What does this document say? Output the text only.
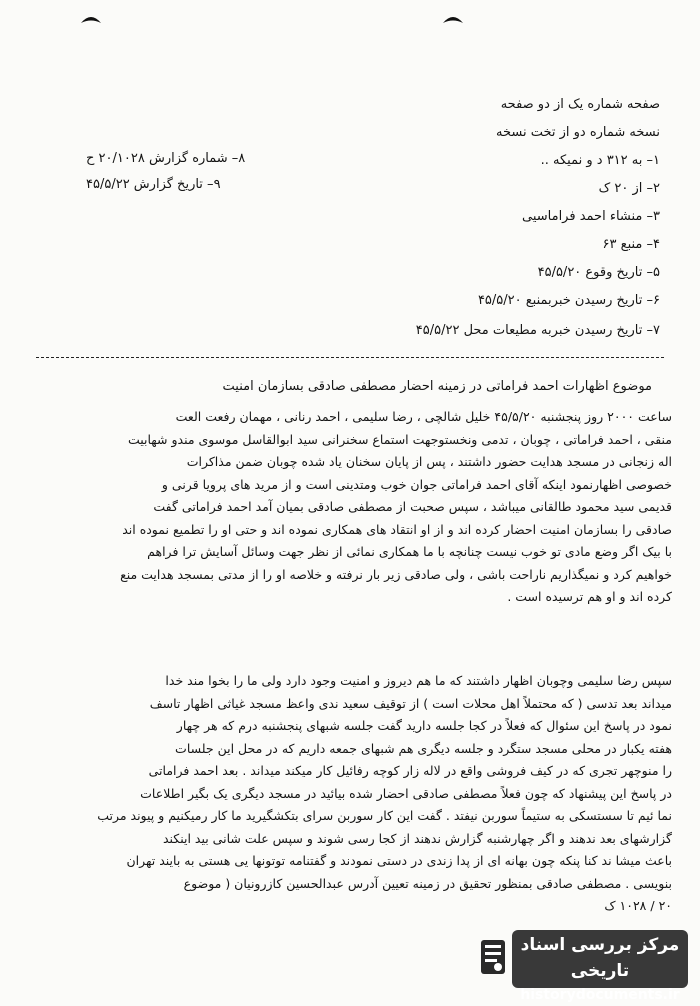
صفحه شماره یک از دو صفحه
نسخه شماره دو از تخت نسخه
۱– به ۳۱۲ د و نمیکه ..
۲– از ۲۰ ک
۳– منشاء احمد فراماسیی
۴– منبع ۶۳
۵– تاریخ وقوع ۴۵/۵/۲۰
۶– تاریخ رسیدن خبربمنبع ۴۵/۵/۲۰
۷– تاریخ رسیدن خبربه مطیعات محل ۴۵/۵/۲۲
۸– شماره گزارش ۲۰/۱۰۲۸ ح
۹– تاریخ گزارش ۴۵/۵/۲۲
موضوع اظهارات احمد فراماتی در زمینه احضار مصطفی صادقی بسازمان امنیت

ساعت ۲۰۰۰ روز پنجشنبه ۴۵/۵/۲۰ خلیل شالچی ، رضا سلیمی ، احمد رنانی ، مهمان رفعت العت

منقی ، احمد فراماتی ، چوبان ، تدمی ونخستوجهت استماع سخنرانی سید ابوالقاسل موسوی مندو شهابیت

اله زنجانی در مسجد هدایت حضور داشتند ، پس از پایان سخنان یاد شده چوبان ضمن مذاکرات

خصوصی اظهارنمود اینکه آقای احمد فراماتی جوان خوب ومتدینی است و از مرید های پرویا قرنی و

قدیمی سید محمود طالقانی میباشد ، سپس صحبت از مصطفی صادقی بمیان آمد احمد فراماتی گفت

صادقی را بسازمان امنیت احضار کرده اند و از او انتقاد های همکاری نموده اند و حتی او را تطمیع نموده اند

با بیک اگر وضع مادی تو خوب نیست چنانچه با ما همکاری نمائی از نظر جهت وسائل آسایش ترا فراهم

خواهیم کرد و نمیگذاریم ناراحت باشی ، ولی صادقی زیر بار نرفته و خلاصه او را از مدتی بمسجد هدایت منع

کرده اند و او هم ترسیده است .

سپس رضا سلیمی وچوبان اظهار داشتند که ما هم دیروز و امنیت وجود دارد ولی ما را بخوا مند خدا

میداند بعد تدسی ( که محتملاً اهل محلات است ) از توقیف سعید ندی واعظ مسجد غیاثی اظهار تاسف

نمود در پاسخ این سئوال که فعلاً در کجا جلسه دارید گفت جلسه شبهای پنجشنبه درم که هر چهار

هفته یکبار در محلی مسجد ستگرد و جلسه دیگری هم شبهای جمعه داریم که در محل این جلسات

را منوچهر تجری که در کیف فروشی واقع در لاله زار کوچه رفائیل کار میکند میداند . بعد احمد فراماتی

در پاسخ این پیشنهاد که چون فعلاً مصطفی صادقی احضار شده بیائید در مسجد دیگری یک بگیر اطلاعات

نما ئیم تا سستسکی به ستیماً سوربن نیفتد . گفت این کار سوربن سرای بتکشگیرید ما کار رمیکنیم و پیوند مرتب

گزارشهای بعد ندهند و اگر چهارشنبه گزارش ندهند از کجا رسی شوند و سپس علت شانی بید اینکند

باعث میشا ند کنا پنکه چون بهانه ای از پدا زندی در دستی نمودند و گفتنامه توتونها یی هستی به بایند تهران

بنویسی . مصطفی صادقی بمنظور تحقیق در زمینه تعیین آدرس عبدالحسین کازرونیان ( موضوع

۲۰ / ۱۰۲۸ ک

مرکز بررسی اسناد تاریخی
historydocuments.ir
